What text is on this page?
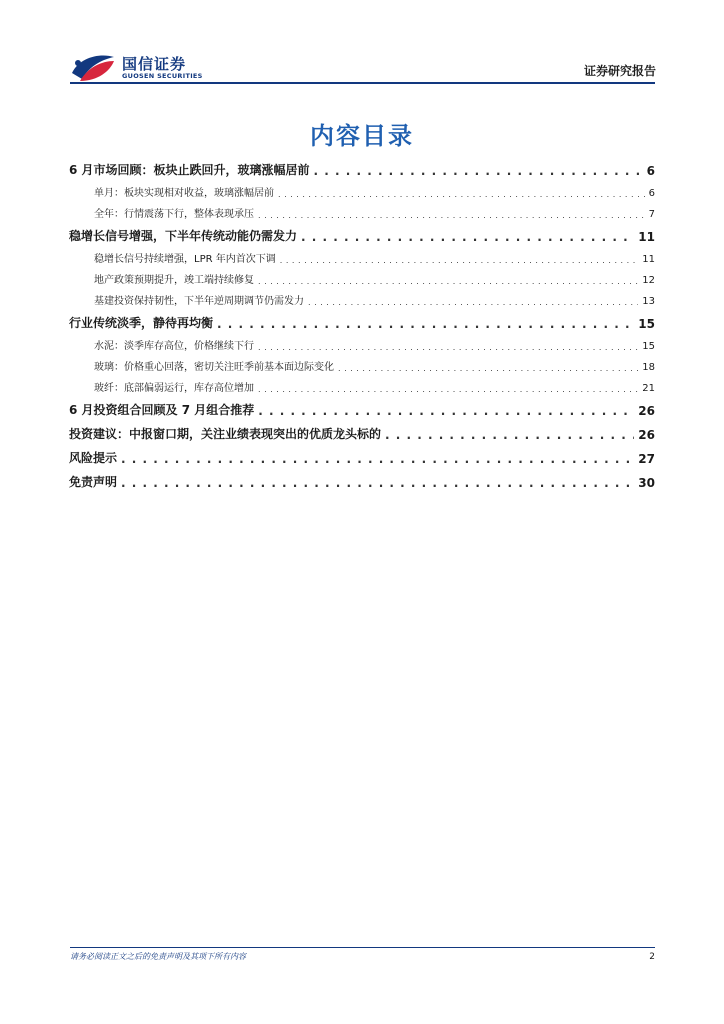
国信证券
GUOSEN SECURITIES	证券研究报告
内容目录
6 月市场回顾：板块止跌回升，玻璃涨幅居前 . . .	6
单月：板块实现相对收益，玻璃涨幅居前 . . .	6
全年：行情震荡下行，整体表现承压 . . .	7
稳增长信号增强，下半年传统动能仍需发力 . . .	11
稳增长信号持续增强，LPR 年内首次下调 . . .	11
地产政策预期提升，竣工端持续修复 . . .	12
基建投资保持韧性，下半年逆周期调节仍需发力 . . .	13
行业传统淡季，静待再均衡 . . .	15
水泥：淡季库存高位，价格继续下行 . . .	15
玻璃：价格重心回落，密切关注旺季前基本面边际变化 . . .	18
玻纤：底部偏弱运行，库存高位增加 . . .	21
6 月投资组合回顾及 7 月组合推荐 . . .	26
投资建议：中报窗口期，关注业绩表现突出的优质龙头标的 . . .	26
风险提示 . . .	27
免责声明 . . .	30
请务必阅读正文之后的免责声明及其项下所有内容	2
